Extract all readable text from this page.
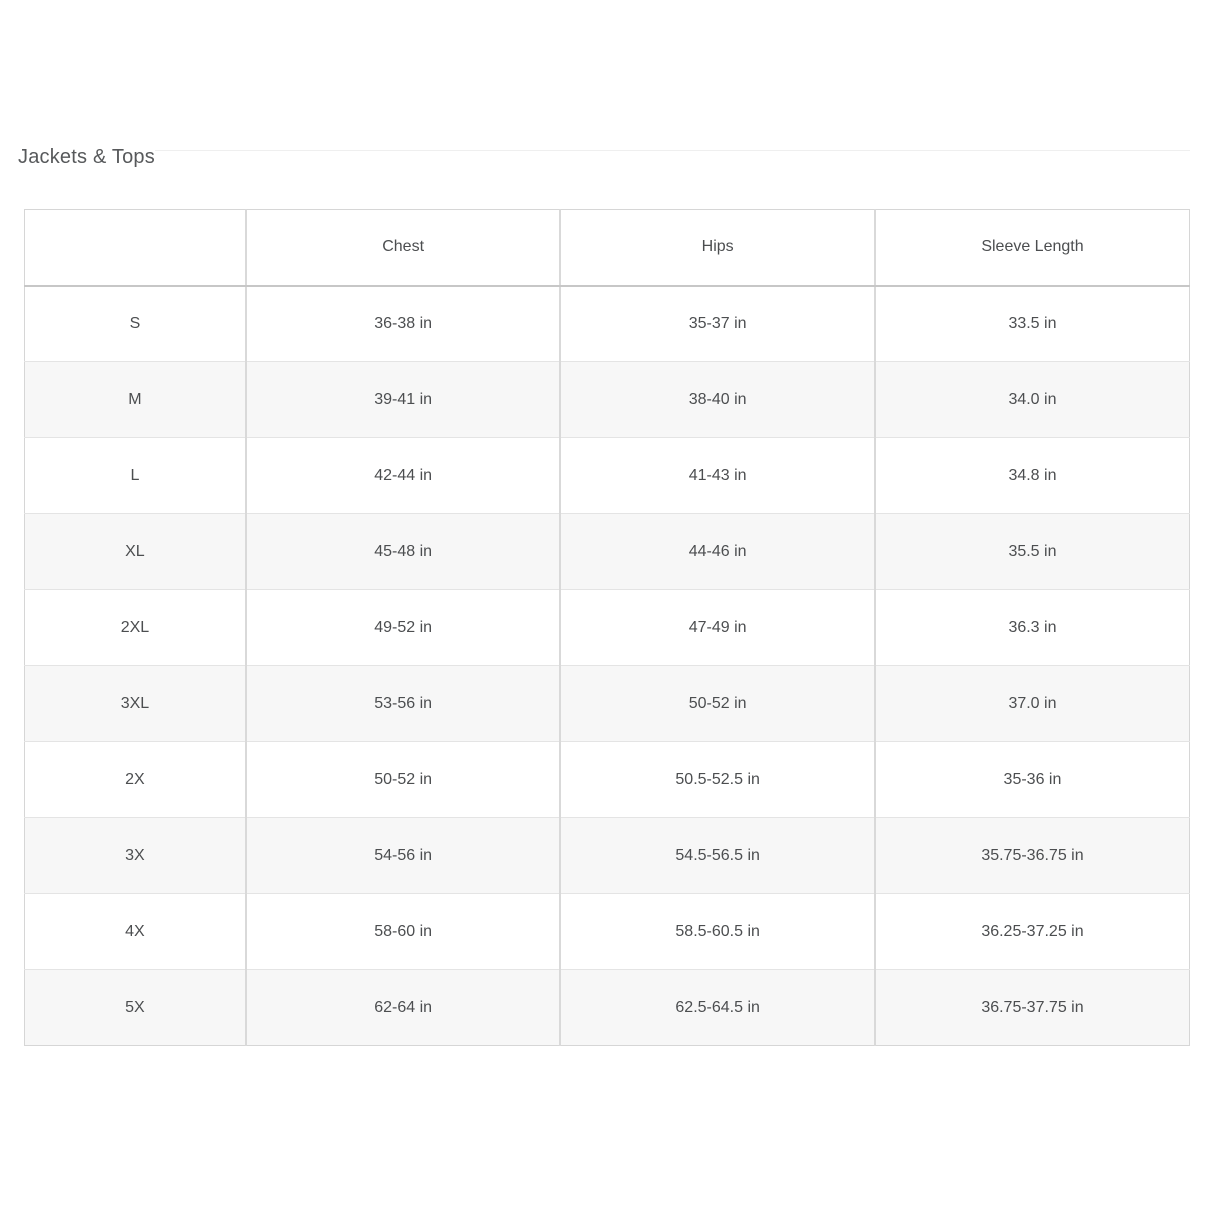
Jackets & Tops
	Chest	Hips	Sleeve Length
S	36-38 in	35-37 in	33.5 in
M	39-41 in	38-40 in	34.0 in
L	42-44 in	41-43 in	34.8 in
XL	45-48 in	44-46 in	35.5 in
2XL	49-52 in	47-49 in	36.3 in
3XL	53-56 in	50-52 in	37.0 in
2X	50-52 in	50.5-52.5 in	35-36 in
3X	54-56 in	54.5-56.5 in	35.75-36.75 in
4X	58-60 in	58.5-60.5 in	36.25-37.25 in
5X	62-64 in	62.5-64.5 in	36.75-37.75 in
